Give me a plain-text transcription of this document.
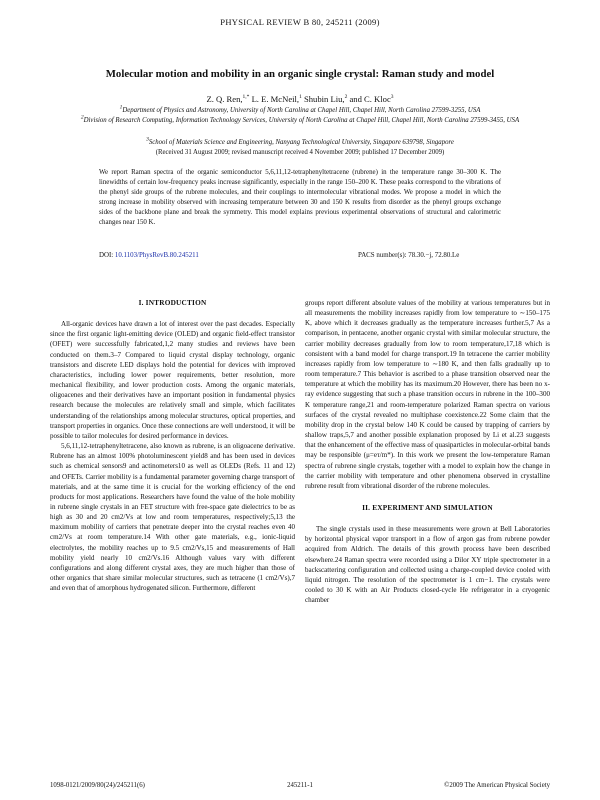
PHYSICAL REVIEW B 80, 245211 (2009)
Molecular motion and mobility in an organic single crystal: Raman study and model
Z. Q. Ren,$^{1,*}$ L. E. McNeil,$^1$ Shubin Liu,$^2$ and C. Kloc$^3$
$^1$Department of Physics and Astronomy, University of North Carolina at Chapel Hill, Chapel Hill, North Carolina 27599-3255, USA
$^2$Division of Research Computing, Information Technology Services, University of North Carolina at Chapel Hill, Chapel Hill, North Carolina 27599-3455, USA
$^3$School of Materials Science and Engineering, Nanyang Technological University, Singapore 639798, Singapore
(Received 31 August 2009; revised manuscript received 4 November 2009; published 17 December 2009)
We report Raman spectra of the organic semiconductor 5,6,11,12-tetraphenyltetracene (rubrene) in the temperature range 30–300 K. The linewidths of certain low-frequency peaks increase significantly, especially in the range 150–200 K. These peaks correspond to the vibrations of the phenyl side groups of the rubrene molecules, and their couplings to intermolecular vibrational modes. We propose a model in which the strong increase in mobility observed with increasing temperature between 30 and 150 K results from disorder as the phenyl groups exchange sides of the backbone plane and break the symmetry. This model explains previous experimental observations of structural and calorimetric changes near 150 K.
DOI: 10.1103/PhysRevB.80.245211	PACS number(s): 78.30.−j, 72.80.Le
I. INTRODUCTION

All-organic devices have drawn a lot of interest over the past decades. Especially since the first organic light-emitting device (OLED) and organic field-effect transistor (OFET) were successfully fabricated,1,2 many studies and reviews have been conducted on them.3–7 Compared to liquid crystal display technology, organic transistors and discrete LED displays hold the potential for devices with improved characteristics, including lower power requirements, better resolution, more mechanical flexibility, and lower production costs. Among the organic materials, oligoacenes and their derivatives have an important position in fundamental physics research because the molecules are relatively small and simple, which facilitates understanding of the relationships among molecular structures, optical properties, and transport properties in organics. Once these connections are well understood, it will be possible to tailor molecules for desired performance in devices.

5,6,11,12-tetraphenyltetracene, also known as rubrene, is an oligoacene derivative. Rubrene has an almost 100% photoluminescent yield8 and has been used in devices such as chemical sensors9 and actinometers10 as well as OLEDs (Refs. 11 and 12) and OFETs. Carrier mobility is a fundamental parameter governing charge transport of materials, and at the same time it is crucial for the working efficiency of the end products for most applications. Researchers have found the value of the hole mobility in rubrene single crystals in an FET structure with free-space gate dielectrics to be as high as 30 and 20 cm2/Vs at low and room temperatures, respectively;5,13 the maximum mobility of carriers that penetrate deeper into the crystal reaches even 40 cm2/Vs at room temperature.14 With other gate materials, e.g., ionic-liquid electrolytes, the mobility reaches up to 9.5 cm2/Vs,15 and measurements of Hall mobility yield nearly 10 cm2/Vs.16 Although values vary with different configurations and along different crystal axes, they are much higher than those of other organics that share similar molecular structures, such as tetracene (1 cm2/Vs),7 and even that of amorphous hydrogenated silicon. Furthermore, different

groups report different absolute values of the mobility at various temperatures but in all measurements the mobility increases rapidly from low temperature to ∼150–175 K, above which it decreases gradually as the temperature increases further.5,7 As a comparison, in pentacene, another organic crystal with similar molecular structure, the carrier mobility decreases gradually from low to room temperature,17,18 which is consistent with a band model for charge transport.19 In tetracene the carrier mobility increases rapidly from low temperature to ∼180 K, and then falls gradually up to room temperature.7 This behavior is ascribed to a phase transition observed near the temperature at which the mobility has its maximum.20 However, there has been no x-ray evidence suggesting that such a phase transition occurs in rubrene in the 100–300 K temperature range,21 and room-temperature polarized Raman spectra on various surfaces of the crystal revealed no multiphase coexistence.22 Some claim that the mobility drop in the crystal below 140 K could be caused by trapping of carriers by shallow traps,5,7 and another possible explanation proposed by Li et al.23 suggests that the enhancement of the effective mass of quasiparticles in molecular-orbital bands may be responsible (μ=eτ/m*). In this work we present the low-temperature Raman spectra of rubrene single crystals, together with a model to explain how the change in the carrier mobility with temperature and other phenomena observed in crystalline rubrene result from vibrational disorder of the rubrene molecules.

II. EXPERIMENT AND SIMULATION

The single crystals used in these measurements were grown at Bell Laboratories by horizontal physical vapor transport in a flow of argon gas from rubrene powder acquired from Aldrich. The details of this growth process have been described elsewhere.24 Raman spectra were recorded using a Dilor XY triple spectrometer in a backscattering configuration and collected using a charge-coupled device cooled with liquid nitrogen. The resolution of the spectrometer is 1 cm−1. The crystals were cooled to 30 K with an Air Products closed-cycle He refrigerator in a cryogenic chamber

1098-0121/2009/80(24)/245211(6)	245211-1	©2009 The American Physical Society
